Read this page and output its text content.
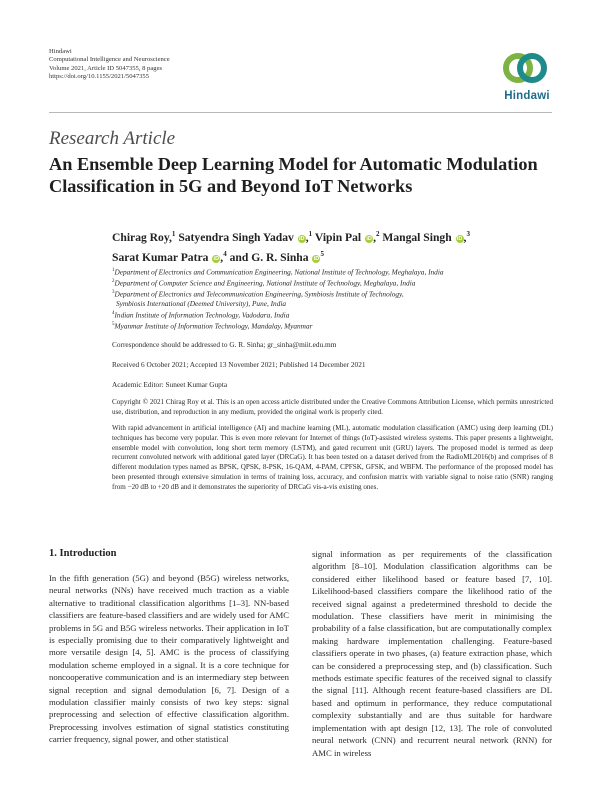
Hindawi
Computational Intelligence and Neuroscience
Volume 2021, Article ID 5047355, 8 pages
https://doi.org/10.1155/2021/5047355
Hindawi
Research Article
An Ensemble Deep Learning Model for Automatic Modulation Classification in 5G and Beyond IoT Networks
Chirag Roy,$^1$ Satyendra Singh Yadav iD,$^1$ Vipin Pal iD,$^2$ Mangal Singh iD,$^3$
Sarat Kumar Patra iD,$^4$ and G. R. Sinha $iD^5$
$^1$Department of Electronics and Communication Engineering, National Institute of Technology, Meghalaya, India
$^2$Department of Computer Science and Engineering, National Institute of Technology, Meghalaya, India
$^3$Department of Electronics and Telecommunication Engineering, Symbiosis Institute of Technology,
Symbiosis International (Deemed University), Pune, India
$^4$Indian Institute of Information Technology, Vadodara, India
$^5$Myanmar Institute of Information Technology, Mandalay, Myanmar
Correspondence should be addressed to G. R. Sinha; gr_sinha@miit.edu.mm
Received 6 October 2021; Accepted 13 November 2021; Published 14 December 2021
Academic Editor: Suneet Kumar Gupta
Copyright © 2021 Chirag Roy et al. This is an open access article distributed under the Creative Commons Attribution License, which permits unrestricted use, distribution, and reproduction in any medium, provided the original work is properly cited.
With rapid advancement in artificial intelligence (AI) and machine learning (ML), automatic modulation classification (AMC) using deep learning (DL) techniques has become very popular. This is even more relevant for Internet of things (IoT)-assisted wireless systems. This paper presents a lightweight, ensemble model with convolution, long short term memory (LSTM), and gated recurrent unit (GRU) layers. The proposed model is termed as deep recurrent convoluted network with additional gated layer (DRCaG). It has been tested on a dataset derived from the RadioML2016(b) and comprises of 8 different modulation types named as BPSK, QPSK, 8-PSK, 16-QAM, 4-PAM, CPFSK, GFSK, and WBFM. The performance of the proposed model has been presented through extensive simulation in terms of training loss, accuracy, and confusion matrix with variable signal to noise ratio (SNR) ranging from −20 dB to +20 dB and it demonstrates the superiority of DRCaG vis-a-vis existing ones.
1. Introduction
In the fifth generation (5G) and beyond (B5G) wireless networks, neural networks (NNs) have received much traction as a viable alternative to traditional classification algorithms [1–3]. NN-based classifiers are feature-based classifiers and are widely used for AMC problems in 5G and B5G wireless networks. Their application in IoT is especially promising due to their comparatively lightweight and more versatile design [4, 5]. AMC is the process of classifying modulation scheme employed in a signal. It is a core technique for noncooperative communication and is an intermediary step between signal reception and signal demodulation [6, 7]. Design of a modulation classifier mainly consists of two key steps: signal preprocessing and selection of effective classification algorithm. Preprocessing involves estimation of signal statistics constituting carrier frequency, signal power, and other statistical
signal information as per requirements of the classification algorithm [8–10]. Modulation classification algorithms can be considered either likelihood based or feature based [7, 10]. Likelihood-based classifiers compare the likelihood ratio of the received signal against a predetermined threshold to decide the modulation. These classifiers have merit in minimising the probability of a false classification, but are computationally complex making hardware implementation challenging. Feature-based classifiers operate in two phases, (a) feature extraction phase, which can be considered a preprocessing step, and (b) classification. Such methods estimate specific features of the received signal to classify the signal [11]. Although recent feature-based classifiers are DL based and optimum in performance, they reduce computational complexity substantially and are thus suitable for hardware implementation with apt design [12, 13]. The role of convoluted neural network (CNN) and recurrent neural network (RNN) for AMC in wireless
